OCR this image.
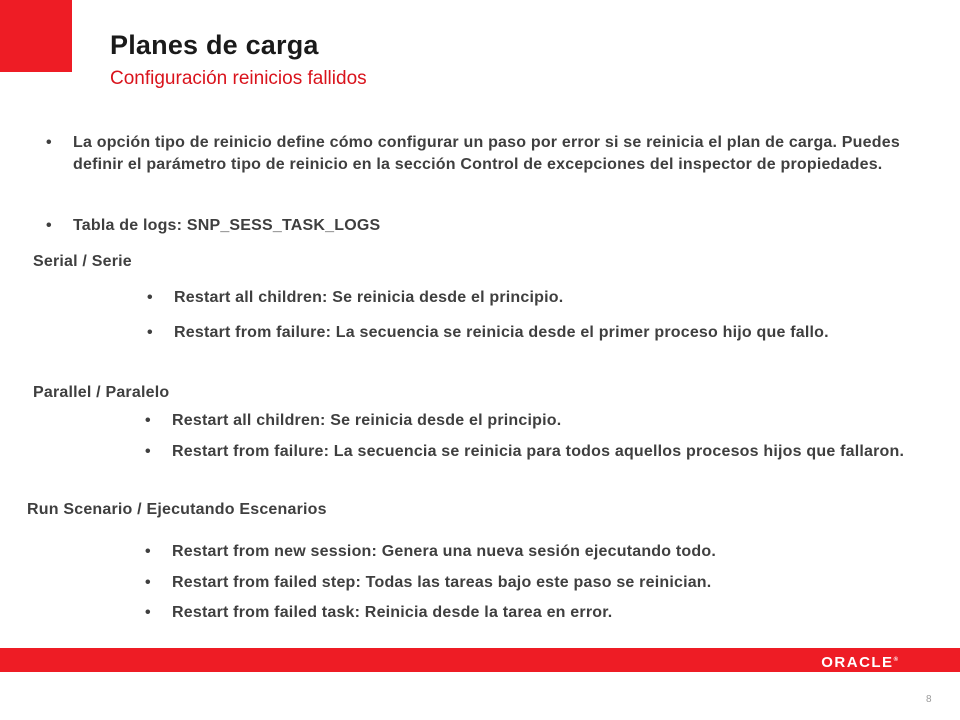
Planes de carga
Configuración reinicios fallidos
• La opción tipo de reinicio define cómo configurar un paso por error si se reinicia el plan de carga. Puedes definir el parámetro tipo de reinicio en la sección Control de excepciones del inspector de propiedades.
• Tabla de logs: SNP_SESS_TASK_LOGS
Serial / Serie
• Restart all children: Se reinicia desde el principio.
• Restart from failure: La secuencia se reinicia desde el primer proceso hijo que fallo.
Parallel / Paralelo
• Restart all children: Se reinicia desde el principio.
• Restart from failure: La secuencia se reinicia para todos aquellos procesos hijos que fallaron.
Run Scenario / Ejecutando Escenarios
• Restart from new session: Genera una nueva sesión ejecutando todo.
• Restart from failed step: Todas las tareas bajo este paso se reinician.
• Restart from failed task: Reinicia desde la tarea en error.
ORACLE®
8
